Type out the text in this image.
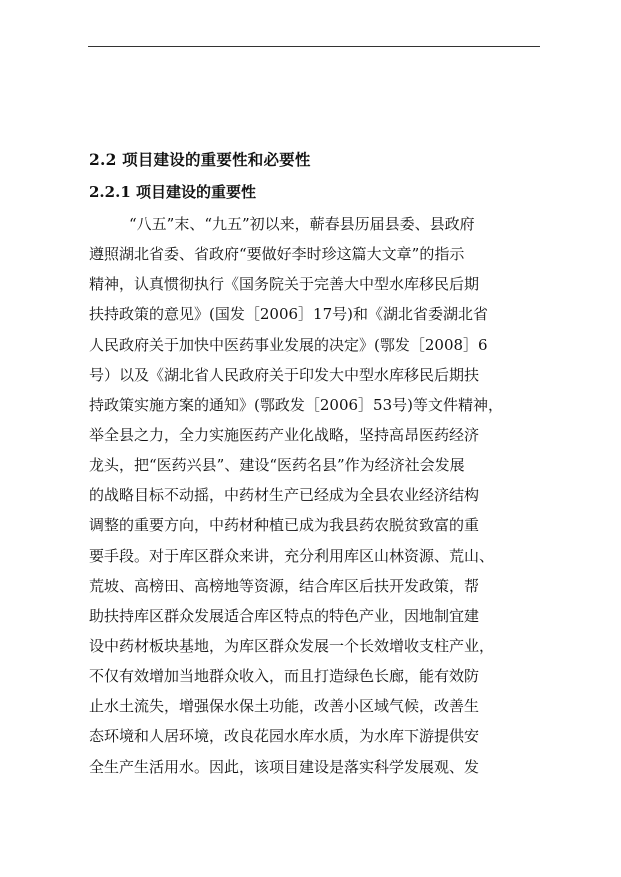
2.2 项目建设的重要性和必要性
2.2.1 项目建设的重要性
“八五”末、“九五”初以来，蕲春县历届县委、县政府
遵照湖北省委、省政府“要做好李时珍这篇大文章”的指示
精神，认真惯彻执行《国务院关于完善大中型水库移民后期
扶持政策的意见》(国发［2006］17号)和《湖北省委湖北省
人民政府关于加快中医药事业发展的决定》(鄂发［2008］6
号）以及《湖北省人民政府关于印发大中型水库移民后期扶
持政策实施方案的通知》(鄂政发［2006］53号)等文件精神，
举全县之力，全力实施医药产业化战略，坚持高昂医药经济
龙头，把“医药兴县”、建设“医药名县”作为经济社会发展
的战略目标不动摇，中药材生产已经成为全县农业经济结构
调整的重要方向，中药材种植已成为我县药农脱贫致富的重
要手段。对于库区群众来讲，充分利用库区山林资源、荒山、
荒坡、高榜田、高榜地等资源，结合库区后扶开发政策，帮
助扶持库区群众发展适合库区特点的特色产业，因地制宜建
设中药材板块基地，为库区群众发展一个长效增收支柱产业，
不仅有效增加当地群众收入，而且打造绿色长廊，能有效防
止水土流失，增强保水保土功能，改善小区域气候，改善生
态环境和人居环境，改良花园水库水质，为水库下游提供安
全生产生活用水。因此，该项目建设是落实科学发展观、发
